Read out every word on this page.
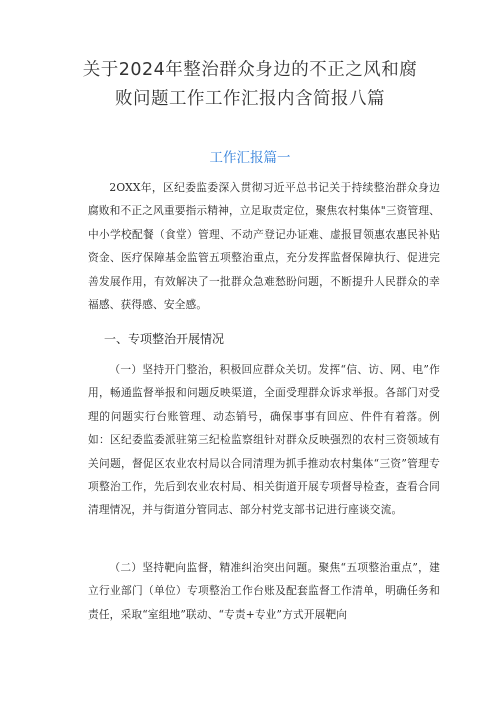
关于2024年整治群众身边的不正之风和腐
败问题工作工作汇报内含简报八篇
工作汇报篇一

2OXX年，区纪委监委深入贯彻习近平总书记关于持续整治群众身边腐败和不正之风重要指示精神，立足取责定位，聚焦农村集体"三资管理、中小学校配餐（食堂）管理、不动产登记办证难、虚报冒领惠农惠民补贴资金、医疗保障基金监管五项整治重点，充分发挥监督保障执行、促进完善发展作用，有效解决了一批群众急难愁盼问题，不断提升人民群众的幸福感、获得感、安全感。

一、专项整治开展情况

（一）坚持开门整治，积极回应群众关切。发挥“信、访、网、电”作用，畅通监督举报和问题反映渠道，全面受理群众诉求举报。各部门对受理的问题实行台账管理、动态销号，确保事事有回应、件件有着落。例如：区纪委监委派驻第三纪检监察组针对群众反映强烈的农村三资领域有关问题，督促区农业农村局以合同清理为抓手推动农村集体“三资”管理专项整治工作，先后到农业农村局、相关街道开展专项督导检查，查看合同清理情况，并与街道分管同志、部分村党支部书记进行座谈交流。

（二）坚持靶向监督，精准纠治突出问题。聚焦“五项整治重点”，建立行业部门（单位）专项整治工作台账及配套监督工作清单，明确任务和责任，采取“室组地”联动、“专责+专业”方式开展靶向
